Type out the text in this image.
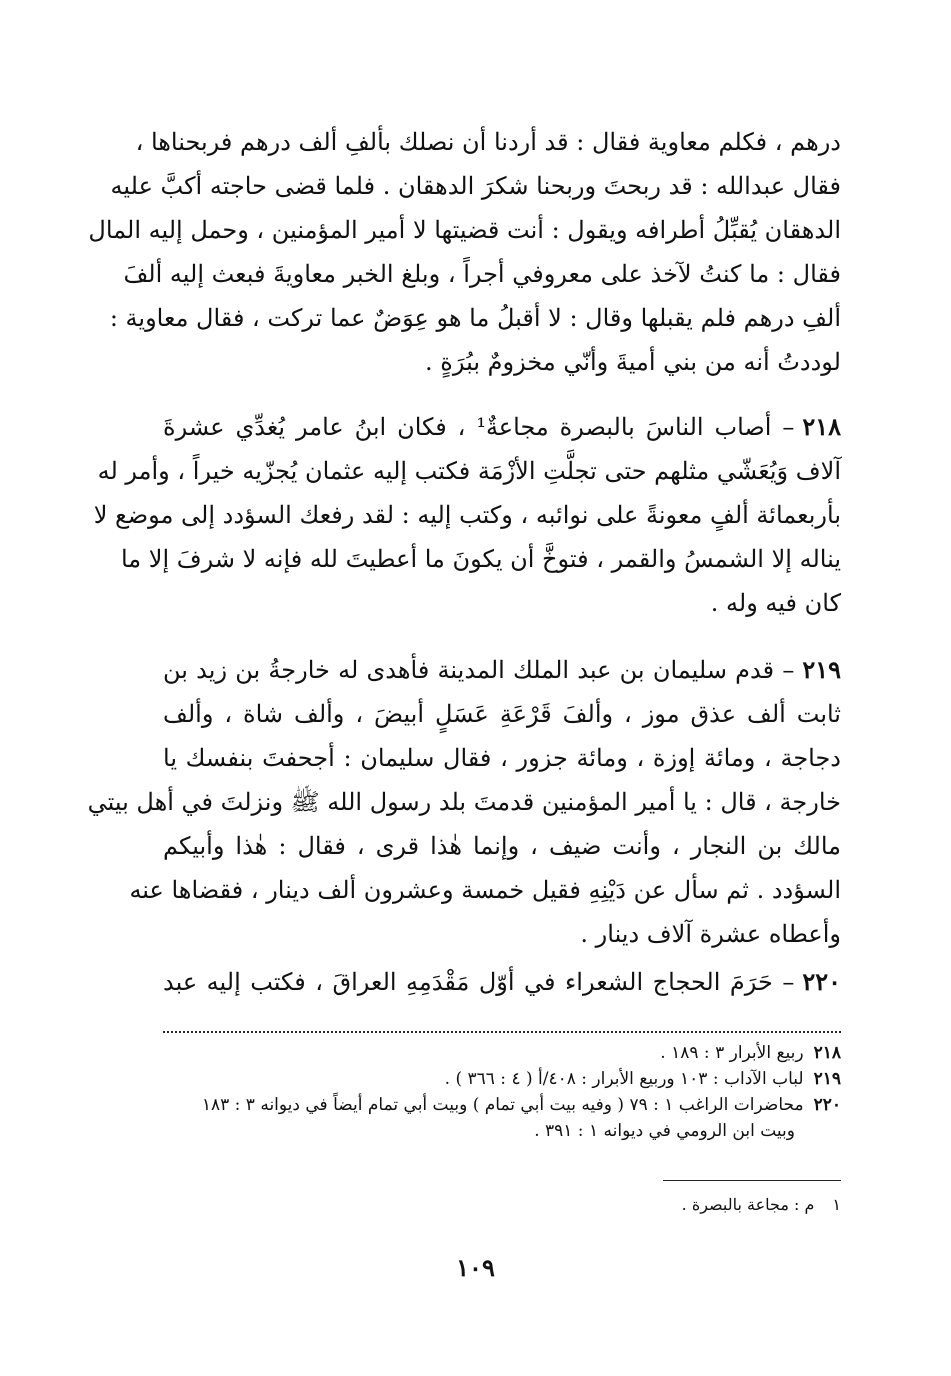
درهم ، فكلم معاوية فقال : قد أردنا أن نصلك بألفِ ألف درهم فربحناها ،
فقال عبدالله : قد ربحتَ وربحنا شكرَ الدهقان . فلما قضى حاجته أكبَّ عليه
الدهقان يُقبِّلُ أطرافه ويقول : أنت قضيتها لا أمير المؤمنين ، وحمل إليه المال
فقال : ما كنتُ لآخذ على معروفي أجراً ، وبلغ الخبر معاويةَ فبعث إليه ألفَ
ألفِ درهم فلم يقبلها وقال : لا أقبلُ ما هو عِوَضٌ عما تركت ، فقال معاوية :
لوددتُ أنه من بني أميةَ وأنّي مخزومٌ ببُرَةٍ .
٢١٨– أصاب الناسَ بالبصرة مجاعةٌ¹ ، فكان ابنُ عامر يُغدِّي عشرةَ
آلاف وَيُعَشّي مثلهم حتى تجلَّتِ الأزْمَة فكتب إليه عثمان يُجزّيه خيراً ، وأمر له
بأربعمائة ألفٍ معونةً على نوائبه ، وكتب إليه : لقد رفعك السؤدد إلى موضع لا
يناله إلا الشمسُ والقمر ، فتوخَّ أن يكونَ ما أعطيتَ لله فإنه لا شرفَ إلا ما
كان فيه وله .
٢١٩– قدم سليمان بن عبد الملك المدينة فأهدى له خارجةُ بن زيد بن
ثابت ألف عذق موز ، وألفَ قَرْعَةِ عَسَلٍ أبيضَ ، وألف شاة ، وألف
دجاجة ، ومائة إوزة ، ومائة جزور ، فقال سليمان : أجحفتَ بنفسك يا
خارجة ، قال : يا أمير المؤمنين قدمتَ بلد رسول الله ﷺ ونزلتَ في أهل بيتي
مالك بن النجار ، وأنت ضيف ، وإنما هٰذا قرى ، فقال : هٰذا وأبيكم
السؤدد . ثم سأل عن دَيْنِهِ فقيل خمسة وعشرون ألف دينار ، فقضاها عنه
وأعطاه عشرة آلاف دينار .
٢٢٠– حَرَمَ الحجاج الشعراء في أوّل مَقْدَمِهِ العراقَ ، فكتب إليه عبد
٢١٨ربيع الأبرار ٣ : ١٨٩ .
٢١٩لباب الآداب : ١٠٣ وربيع الأبرار : ٤٠٨/أ ( ٤ : ٣٦٦ ) .
٢٢٠محاضرات الراغب ١ : ٧٩ ( وفيه بيت أبي تمام ) وبيت أبي تمام أيضاً في ديوانه ٣ : ١٨٣
وبيت ابن الرومي في ديوانه ١ : ٣٩١ .
١م : مجاعة بالبصرة .
١٠٩
